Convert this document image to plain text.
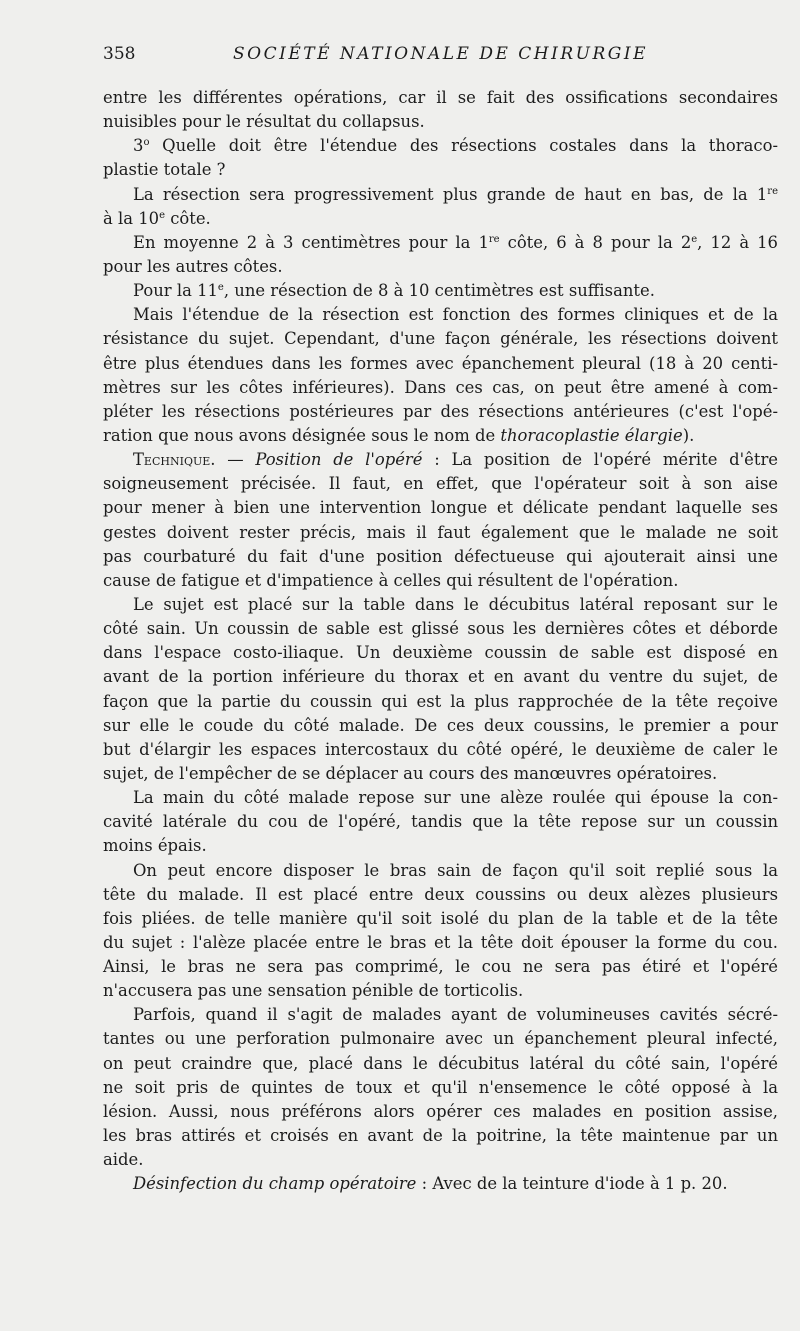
358	SOCIÉTÉ NATIONALE DE CHIRURGIE
entre les différentes opérations, car il se fait des ossifications secondaires
nuisibles pour le résultat du collapsus.
3$^o$ Quelle doit être l'étendue des résections costales dans la thoraco-
plastie totale ?
La résection sera progressivement plus grande de haut en bas, de la 1re
à la 10e côte.
En moyenne 2 à 3 centimètres pour la 1re côte, 6 à 8 pour la 2e, 12 à 16
pour les autres côtes.
Pour la 11e, une résection de 8 à 10 centimètres est suffisante.
Mais l'étendue de la résection est fonction des formes cliniques et de la
résistance du sujet. Cependant, d'une façon générale, les résections doivent
être plus étendues dans les formes avec épanchement pleural (18 à 20 centi-
mètres sur les côtes inférieures). Dans ces cas, on peut être amené à com-
pléter les résections postérieures par des résections antérieures (c'est l'opé-
ration que nous avons désignée sous le nom de thoracoplastie élargie).
Technique. — Position de l'opéré : La position de l'opéré mérite d'être
soigneusement précisée. Il faut, en effet, que l'opérateur soit à son aise
pour mener à bien une intervention longue et délicate pendant laquelle ses
gestes doivent rester précis, mais il faut également que le malade ne soit
pas courbaturé du fait d'une position défectueuse qui ajouterait ainsi une
cause de fatigue et d'impatience à celles qui résultent de l'opération.
Le sujet est placé sur la table dans le décubitus latéral reposant sur le
côté sain. Un coussin de sable est glissé sous les dernières côtes et déborde
dans l'espace costo-iliaque. Un deuxième coussin de sable est disposé en
avant de la portion inférieure du thorax et en avant du ventre du sujet, de
façon que la partie du coussin qui est la plus rapprochée de la tête reçoive
sur elle le coude du côté malade. De ces deux coussins, le premier a pour
but d'élargir les espaces intercostaux du côté opéré, le deuxième de caler le
sujet, de l'empêcher de se déplacer au cours des manœuvres opératoires.
La main du côté malade repose sur une alèze roulée qui épouse la con-
cavité latérale du cou de l'opéré, tandis que la tête repose sur un coussin
moins épais.
On peut encore disposer le bras sain de façon qu'il soit replié sous la
tête du malade. Il est placé entre deux coussins ou deux alèzes plusieurs
fois pliées. de telle manière qu'il soit isolé du plan de la table et de la tête
du sujet : l'alèze placée entre le bras et la tête doit épouser la forme du cou.
Ainsi, le bras ne sera pas comprimé, le cou ne sera pas étiré et l'opéré
n'accusera pas une sensation pénible de torticolis.
Parfois, quand il s'agit de malades ayant de volumineuses cavités sécré-
tantes ou une perforation pulmonaire avec un épanchement pleural infecté,
on peut craindre que, placé dans le décubitus latéral du côté sain, l'opéré
ne soit pris de quintes de toux et qu'il n'ensemence le côté opposé à la
lésion. Aussi, nous préférons alors opérer ces malades en position assise,
les bras attirés et croisés en avant de la poitrine, la tête maintenue par un
aide.
Désinfection du champ opératoire : Avec de la teinture d'iode à 1 p. 20.
